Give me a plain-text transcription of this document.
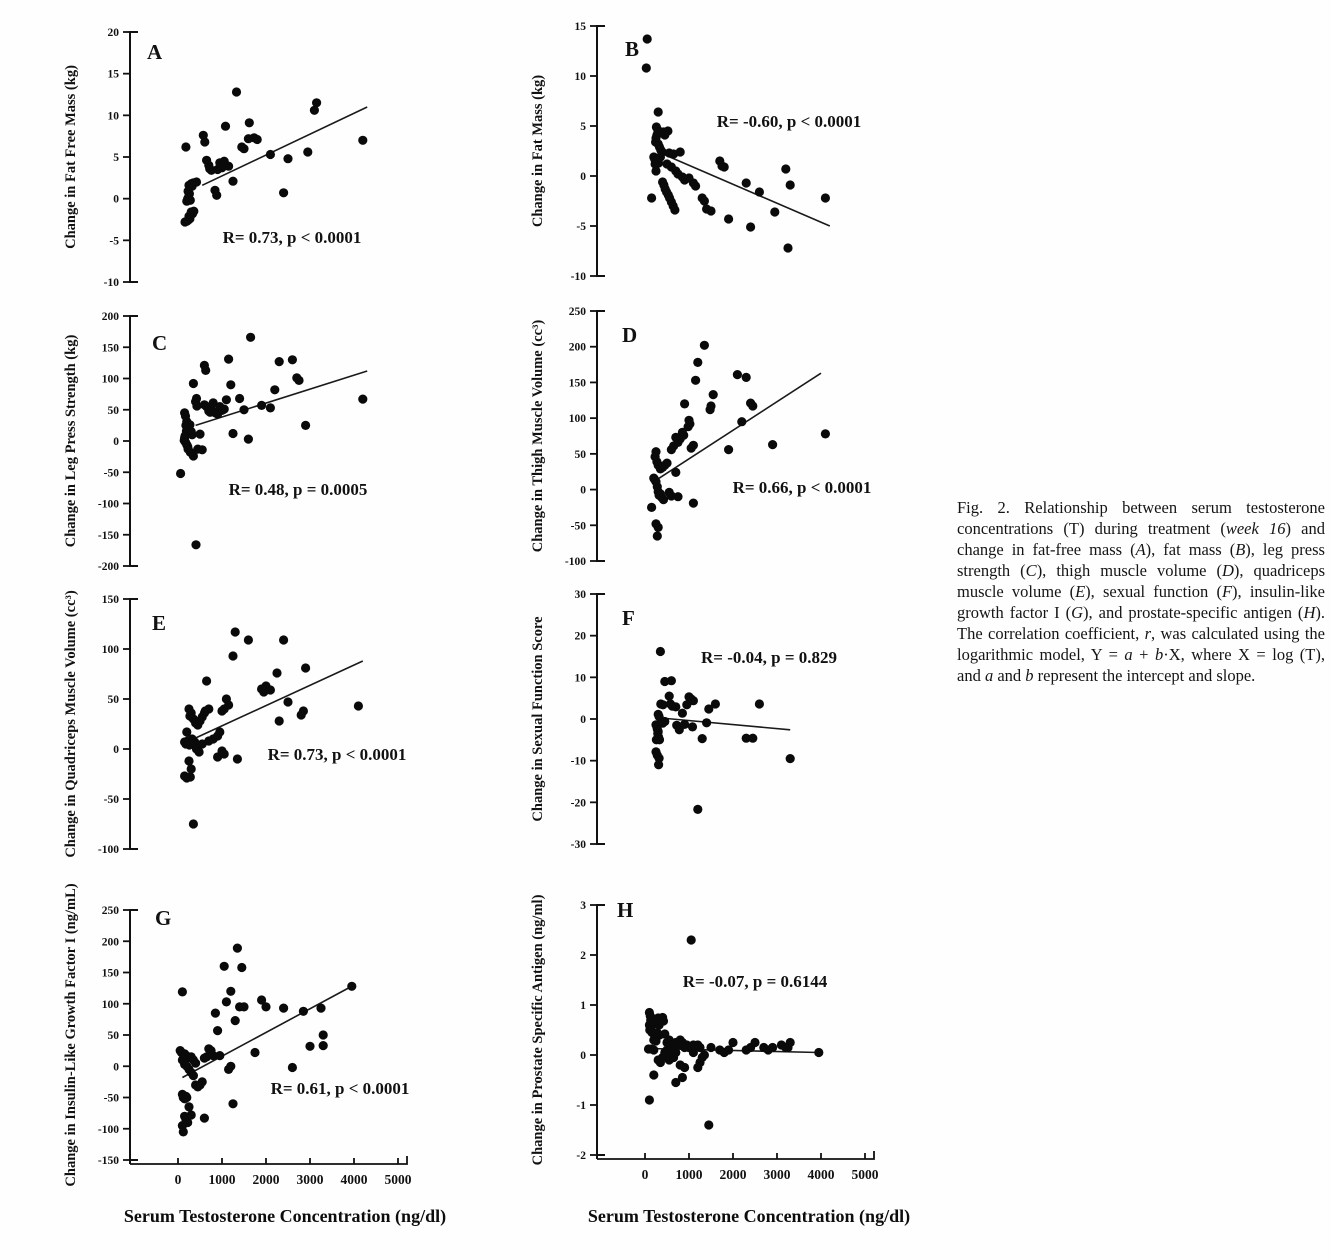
20
15
10
5
0
-5
-10
Change in Fat Free Mass (kg)
A
R= 0.73, p < 0.0001
15
10
5
0
-5
-10
Change in Fat Mass (kg)
B
R= -0.60, p < 0.0001
200
150
100
50
0
-50
-100
-150
-200
Change in Leg Press Strength (kg)	C
R= 0.48, p = 0.0005
250
200
150
100
50
0
-50
-100
Change in Thigh Muscle Volume (cc³)	D
R= 0.66, p < 0.0001
150
100
50
0
-50
-100
Change in Quadriceps Muscle Volume (cc³)	E
R= 0.73, p < 0.0001
30
20
10
0
-10
-20
-30
Change in Sexual Function Score	F
R= -0.04, p = 0.829
250
200
150
100
50
0
-50
-100
-150
Change in Insulin-Like Growth Factor I (ng/mL)	G
R= 0.61, p < 0.0001
0 1000 2000 3000 4000 5000
3
2
1
0
-1
-2
Change in Prostate Specific Antigen (ng/ml)	H
R= -0.07, p = 0.6144
0 1000 2000 3000 4000 5000
Serum Testosterone Concentration (ng/dl)	Serum Testosterone Concentration (ng/dl)
Fig. 2. Relationship between serum testosterone concentrations (T) during treatment (week 16) and change in fat-free mass (A), fat mass (B), leg press strength (C), thigh muscle volume (D), quadriceps muscle volume (E), sexual function (F), insulin-like growth factor I (G), and prostate-specific antigen (H). The correlation coefficient, r, was calculated using the logarithmic model, Y = a + b·X, where X = log (T), and a and b represent the intercept and slope.
